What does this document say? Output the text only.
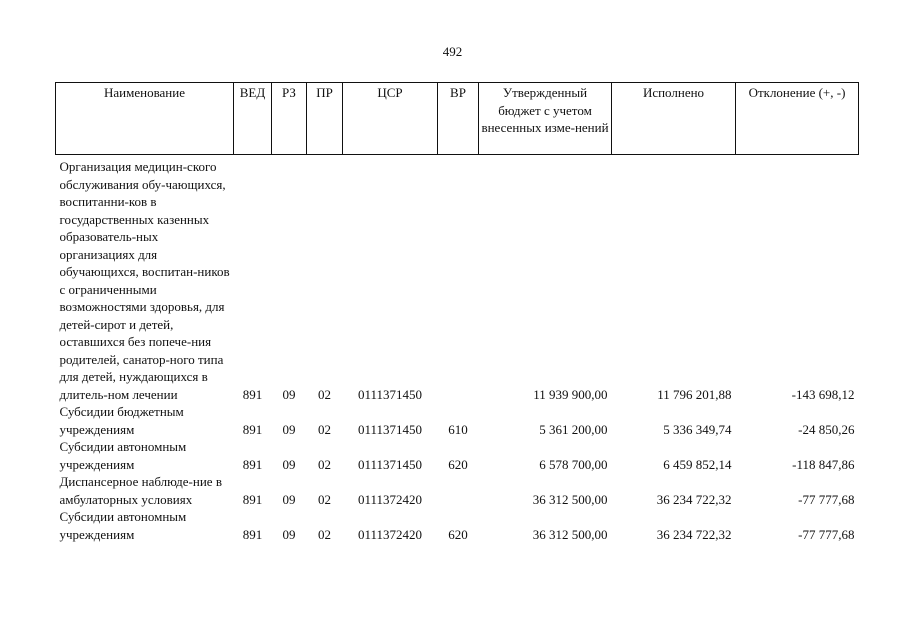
492
Наименование	ВЕД	РЗ	ПР	ЦСР	ВР	Утвержденный бюджет с учетом внесенных изме-нений	Исполнено	Отклонение (+, -)
Организация медицин-ского обслуживания обу-чающихся, воспитанни-ков в государственных казенных образователь-ных организациях для обучающихся, воспитан-ников с ограниченными возможностями здоровья, для детей-сирот и детей, оставшихся без попече-ния родителей, санатор-ного типа для детей, нуждающихся в длитель-ном лечении	891	09	02	0111371450		11 939 900,00	11 796 201,88	-143 698,12
Субсидии бюджетным учреждениям	891	09	02	0111371450	610	5 361 200,00	5 336 349,74	-24 850,26
Субсидии автономным учреждениям	891	09	02	0111371450	620	6 578 700,00	6 459 852,14	-118 847,86
Диспансерное наблюде-ние в амбулаторных условиях	891	09	02	0111372420		36 312 500,00	36 234 722,32	-77 777,68
Субсидии автономным учреждениям	891	09	02	0111372420	620	36 312 500,00	36 234 722,32	-77 777,68
